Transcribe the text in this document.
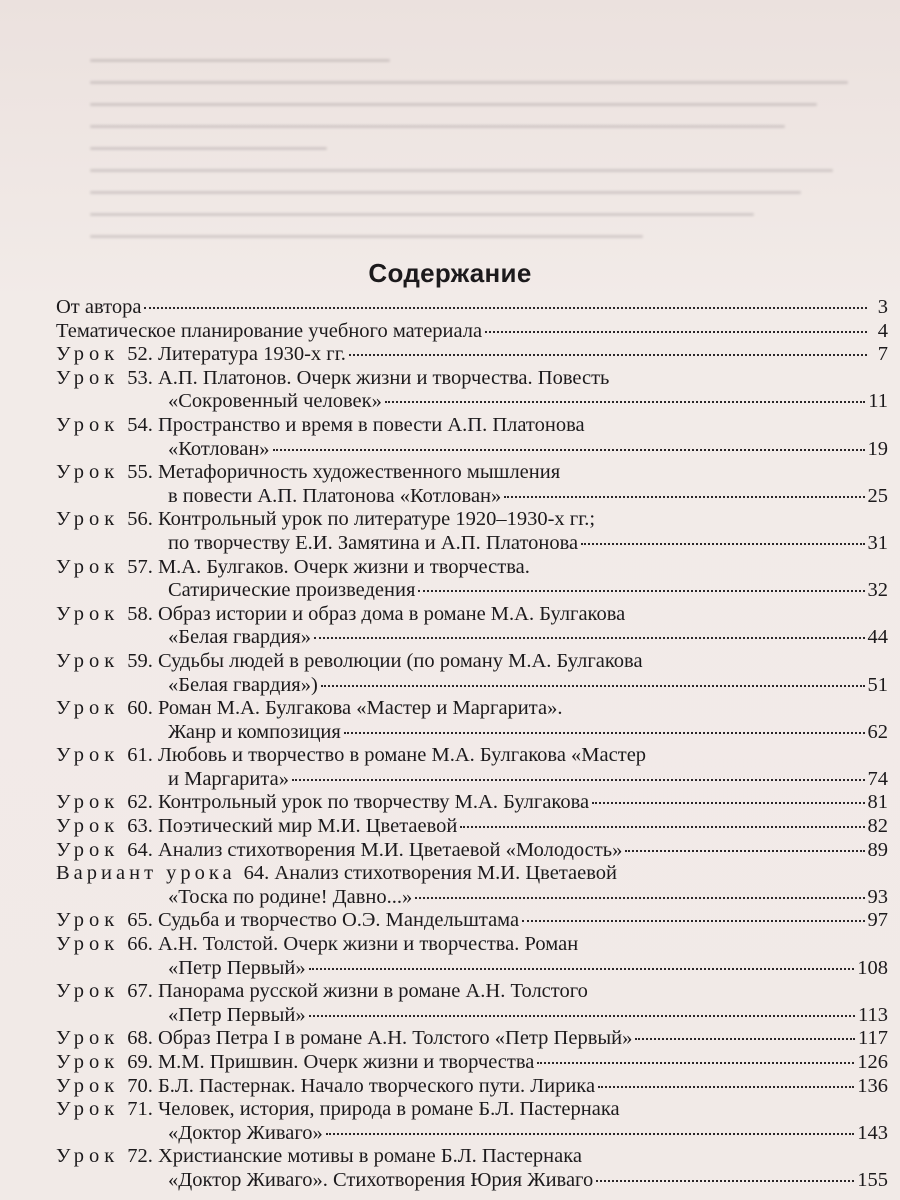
Содержание
От автора	3
Тематическое планирование учебного материала	4
Урок 52. Литература 1930-х гг.	7
Урок 53. А.П. Платонов. Очерк жизни и творчества. Повесть
«Сокровенный человек»	11
Урок 54. Пространство и время в повести А.П. Платонова
«Котлован»	19
Урок 55. Метафоричность художественного мышления
в повести А.П. Платонова «Котлован»	25
Урок 56. Контрольный урок по литературе 1920–1930-х гг.;
по творчеству Е.И. Замятина и А.П. Платонова	31
Урок 57. М.А. Булгаков. Очерк жизни и творчества.
Сатирические произведения	32
Урок 58. Образ истории и образ дома в романе М.А. Булгакова
«Белая гвардия»	44
Урок 59. Судьбы людей в революции (по роману М.А. Булгакова
«Белая гвардия»)	51
Урок 60. Роман М.А. Булгакова «Мастер и Маргарита».
Жанр и композиция	62
Урок 61. Любовь и творчество в романе М.А. Булгакова «Мастер
и Маргарита»	74
Урок 62. Контрольный урок по творчеству М.А. Булгакова	81
Урок 63. Поэтический мир М.И. Цветаевой	82
Урок 64. Анализ стихотворения М.И. Цветаевой «Молодость»	89
Вариант урока 64. Анализ стихотворения М.И. Цветаевой
«Тоска по родине! Давно...»	93
Урок 65. Судьба и творчество О.Э. Мандельштама	97
Урок 66. А.Н. Толстой. Очерк жизни и творчества. Роман
«Петр Первый»	108
Урок 67. Панорама русской жизни в романе А.Н. Толстого
«Петр Первый»	113
Урок 68. Образ Петра I в романе А.Н. Толстого «Петр Первый»	117
Урок 69. М.М. Пришвин. Очерк жизни и творчества	126
Урок 70. Б.Л. Пастернак. Начало творческого пути. Лирика	136
Урок 71. Человек, история, природа в романе Б.Л. Пастернака
«Доктор Живаго»	143
Урок 72. Христианские мотивы в романе Б.Л. Пастернака
«Доктор Живаго». Стихотворения Юрия Живаго	155
